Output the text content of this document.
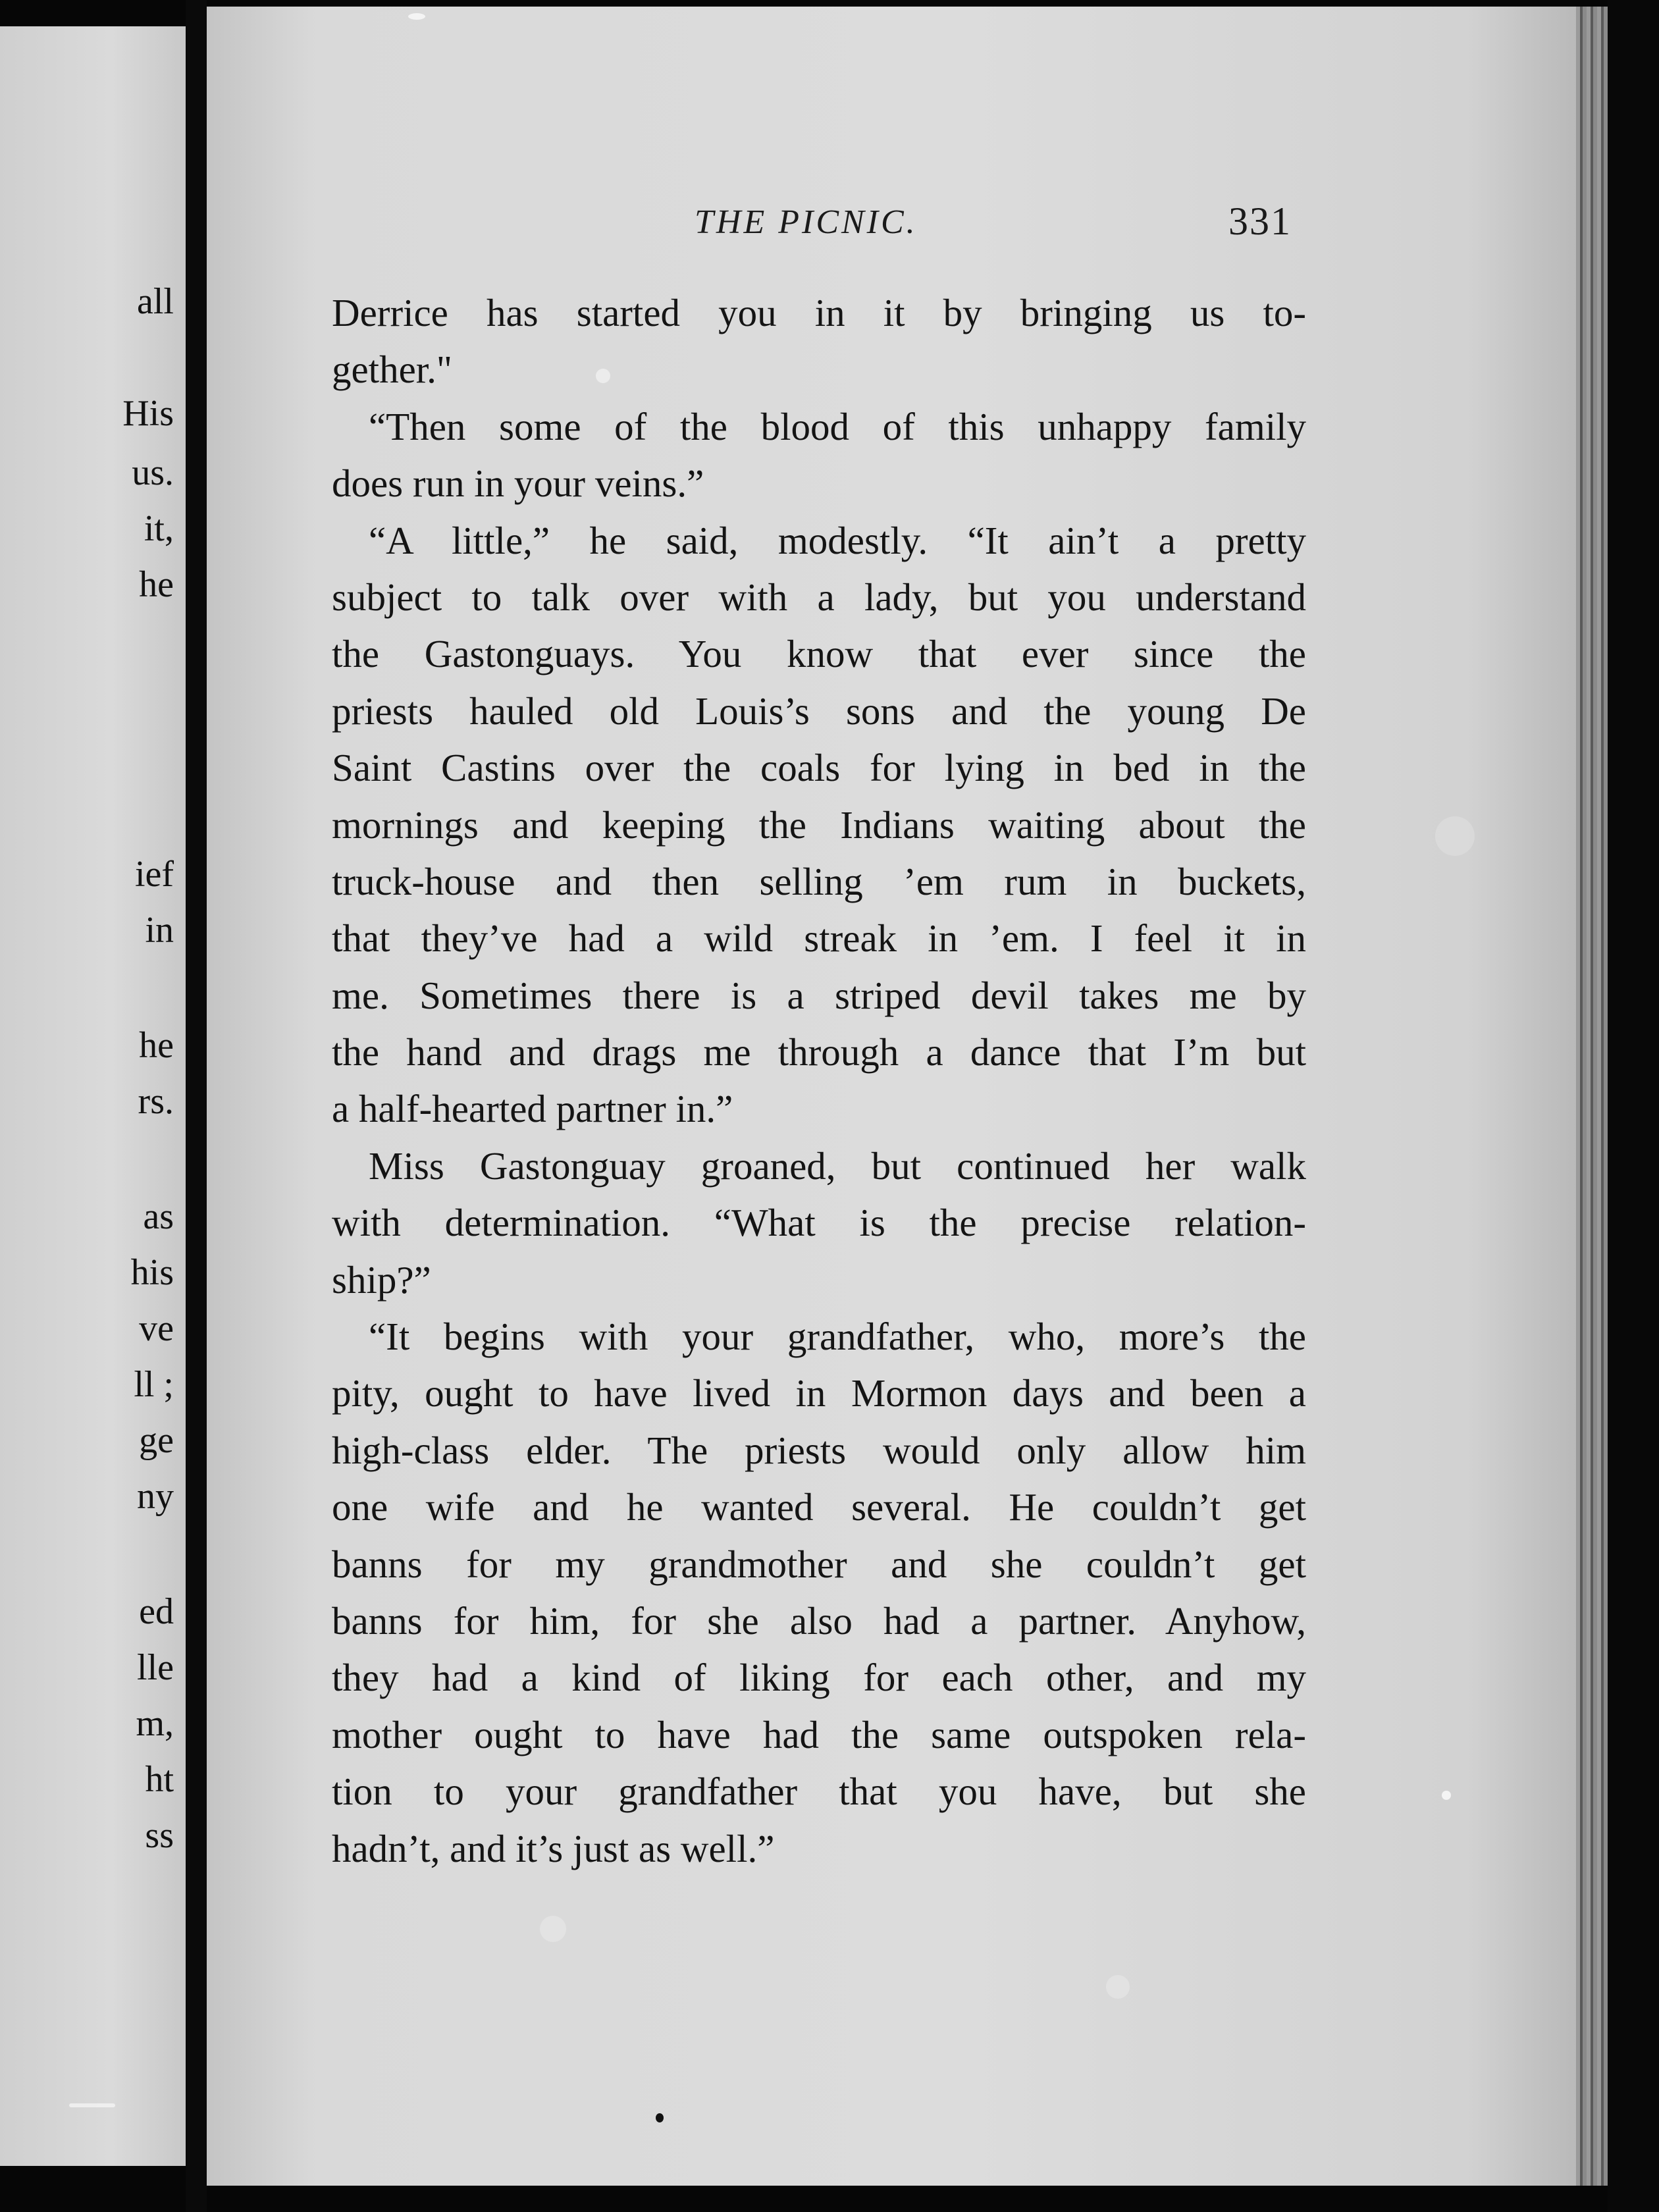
all
His
us.
it,
he
ief
in
he
rs.
as
his
ve
ll ;
ge
ny
ed
lle
m,
ht
ss
THE PICNIC.	331
Derrice has started you in it by bringing us to-
gether."
“Then some of the blood of this unhappy family
does run in your veins.”
“A little,” he said, modestly. “It ain’t a pretty
subject to talk over with a lady, but you understand
the Gastonguays. You know that ever since the
priests hauled old Louis’s sons and the young De
Saint Castins over the coals for lying in bed in the
mornings and keeping the Indians waiting about the
truck-house and then selling ’em rum in buckets,
that they’ve had a wild streak in ’em. I feel it in
me. Sometimes there is a striped devil takes me by
the hand and drags me through a dance that I’m but
a half-hearted partner in.”
Miss Gastonguay groaned, but continued her walk
with determination. “What is the precise relation-
ship?”
“It begins with your grandfather, who, more’s the
pity, ought to have lived in Mormon days and been a
high-class elder. The priests would only allow him
one wife and he wanted several. He couldn’t get
banns for my grandmother and she couldn’t get
banns for him, for she also had a partner. Anyhow,
they had a kind of liking for each other, and my
mother ought to have had the same outspoken rela-
tion to your grandfather that you have, but she
hadn’t, and it’s just as well.”
